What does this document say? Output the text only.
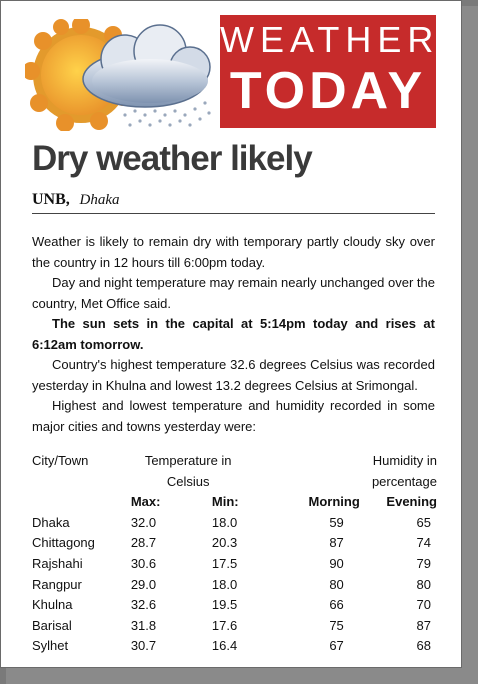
WEATHER
TODAY
Dry weather likely
UNB, Dhaka

Weather is likely to remain dry with temporary partly cloudy sky over the country in 12 hours till 6:00pm today.

Day and night temperature may remain nearly unchanged over the country, Met Office said.

The sun sets in the capital at 5:14pm today and rises at 6:12am tomorrow.

Country's highest temperature 32.6 degrees Celsius was recorded yesterday in Khulna and lowest 13.2 degrees Celsius at Srimongal.

Highest and lowest temperature and humidity recorded in some major cities and towns yesterday were:

City/Town	Temperature in		Humidity in	
	Celsius		percentage	
	Max:	Min:	Morning	Evening
Dhaka	32.0	18.0	59	65
Chittagong	28.7	20.3	87	74
Rajshahi	30.6	17.5	90	79
Rangpur	29.0	18.0	80	80
Khulna	32.6	19.5	66	70
Barisal	31.8	17.6	75	87
Sylhet	30.7	16.4	67	68
